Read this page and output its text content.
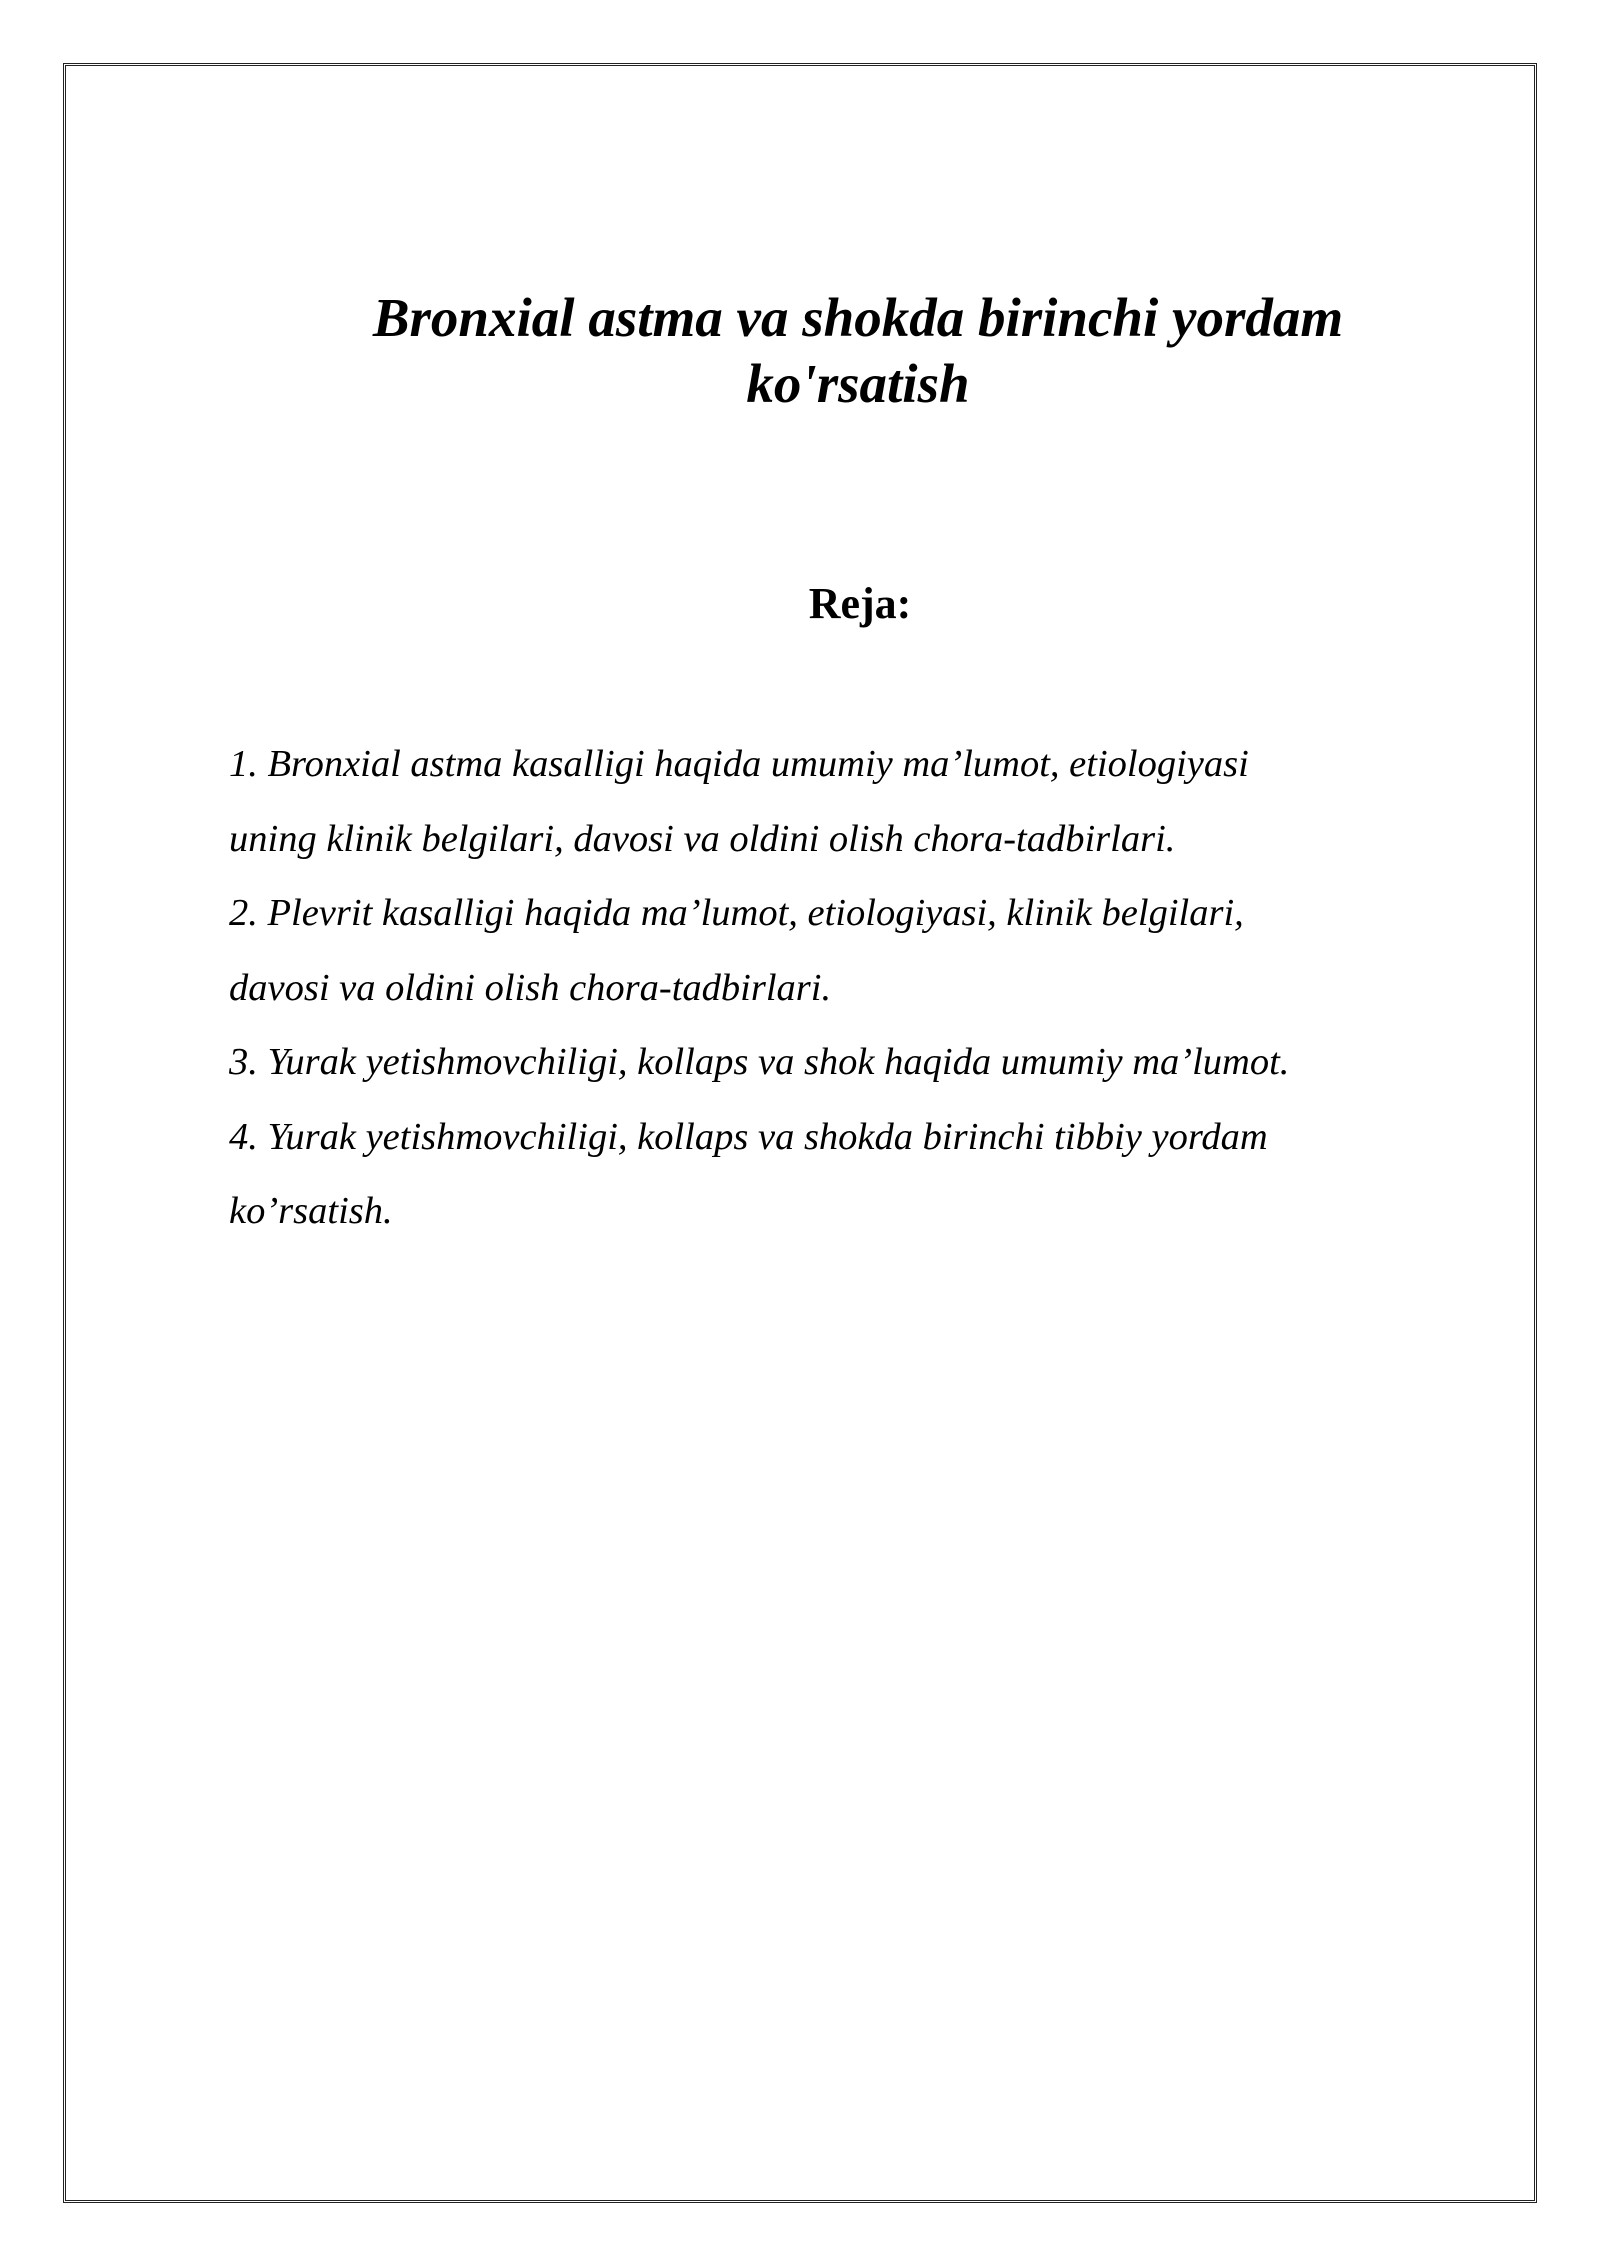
Bronxial astma va shokda birinchi yordam
ko'rsatish
Reja:
1. Bronxial astma kasalligi haqida umumiy ma’lumot, etiologiyasi
uning klinik belgilari, davosi va oldini olish chora-tadbirlari.
2. Plevrit kasalligi haqida ma’lumot, etiologiyasi, klinik belgilari,
davosi va oldini olish chora-tadbirlari.
3. Yurak yetishmovchiligi, kollaps va shok haqida umumiy ma’lumot.
4. Yurak yetishmovchiligi, kollaps va shokda birinchi tibbiy yordam
ko’rsatish.
